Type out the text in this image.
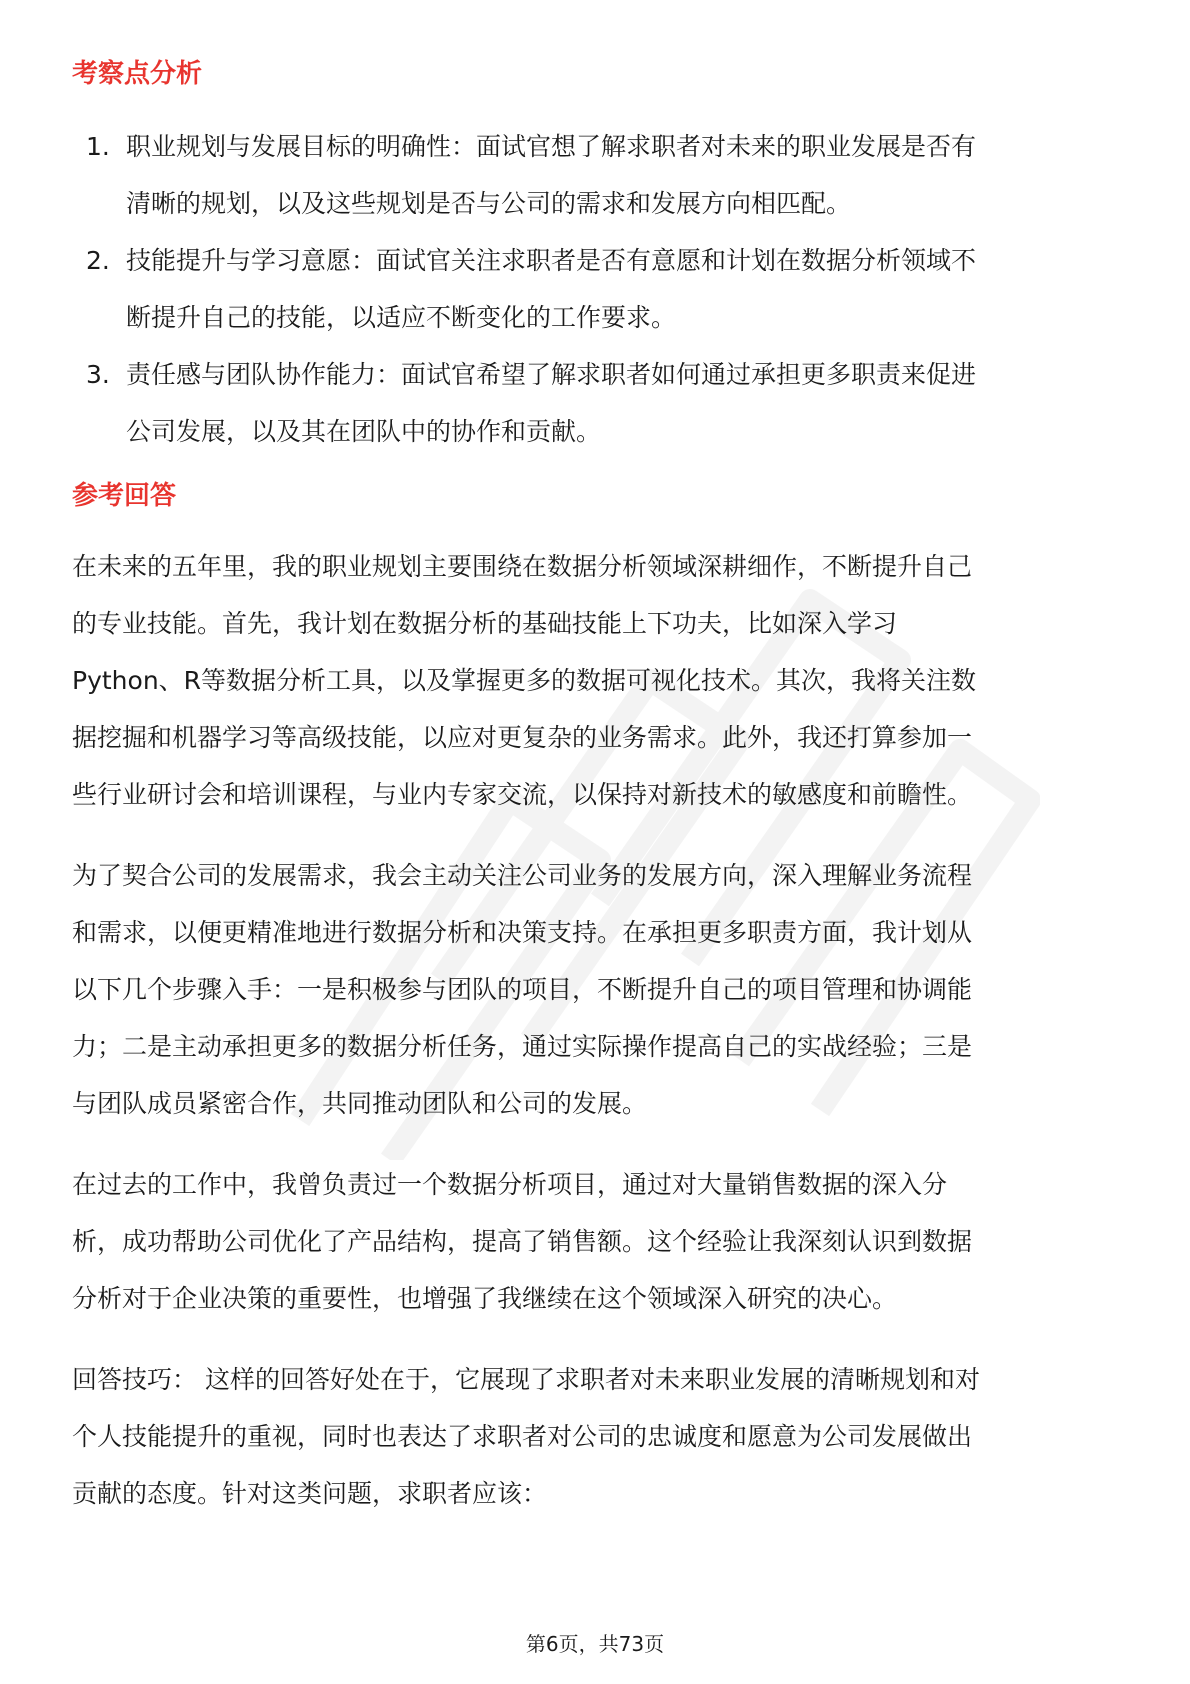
考察点分析
1. 职业规划与发展目标的明确性：面试官想了解求职者对未来的职业发展是否有
清晰的规划，以及这些规划是否与公司的需求和发展方向相匹配。
2. 技能提升与学习意愿：面试官关注求职者是否有意愿和计划在数据分析领域不
断提升自己的技能，以适应不断变化的工作要求。
3. 责任感与团队协作能力：面试官希望了解求职者如何通过承担更多职责来促进
公司发展，以及其在团队中的协作和贡献。
参考回答
在未来的五年里，我的职业规划主要围绕在数据分析领域深耕细作，不断提升自己
的专业技能。首先，我计划在数据分析的基础技能上下功夫，比如深入学习
Python、R等数据分析工具，以及掌握更多的数据可视化技术。其次，我将关注数
据挖掘和机器学习等高级技能，以应对更复杂的业务需求。此外，我还打算参加一
些行业研讨会和培训课程，与业内专家交流，以保持对新技术的敏感度和前瞻性。
为了契合公司的发展需求，我会主动关注公司业务的发展方向，深入理解业务流程
和需求，以便更精准地进行数据分析和决策支持。在承担更多职责方面，我计划从
以下几个步骤入手：一是积极参与团队的项目，不断提升自己的项目管理和协调能
力；二是主动承担更多的数据分析任务，通过实际操作提高自己的实战经验；三是
与团队成员紧密合作，共同推动团队和公司的发展。
在过去的工作中，我曾负责过一个数据分析项目，通过对大量销售数据的深入分
析，成功帮助公司优化了产品结构，提高了销售额。这个经验让我深刻认识到数据
分析对于企业决策的重要性，也增强了我继续在这个领域深入研究的决心。
回答技巧： 这样的回答好处在于，它展现了求职者对未来职业发展的清晰规划和对
个人技能提升的重视，同时也表达了求职者对公司的忠诚度和愿意为公司发展做出
贡献的态度。针对这类问题，求职者应该：
第6页，共73页
